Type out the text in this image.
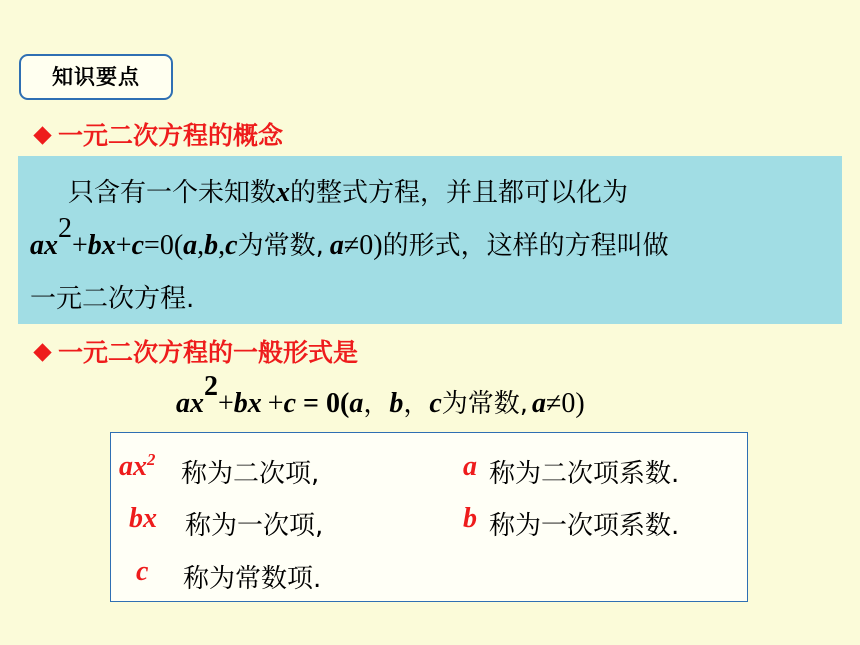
知识要点
一元二次方程的概念
只含有一个未知数x的整式方程，并且都可以化为
$ax^2+bx+c=0(a,b,c$为常数, a≠0)的形式，这样的方程叫做
一元二次方程.
一元二次方程的一般形式是
$ax^2+bx +c = 0(a$，b，c为常数, a≠0)
$ax^2$ 称为二次项,	a 称为二次项系数.
bx 称为一次项,	b 称为一次项系数.
c 称为常数项.
